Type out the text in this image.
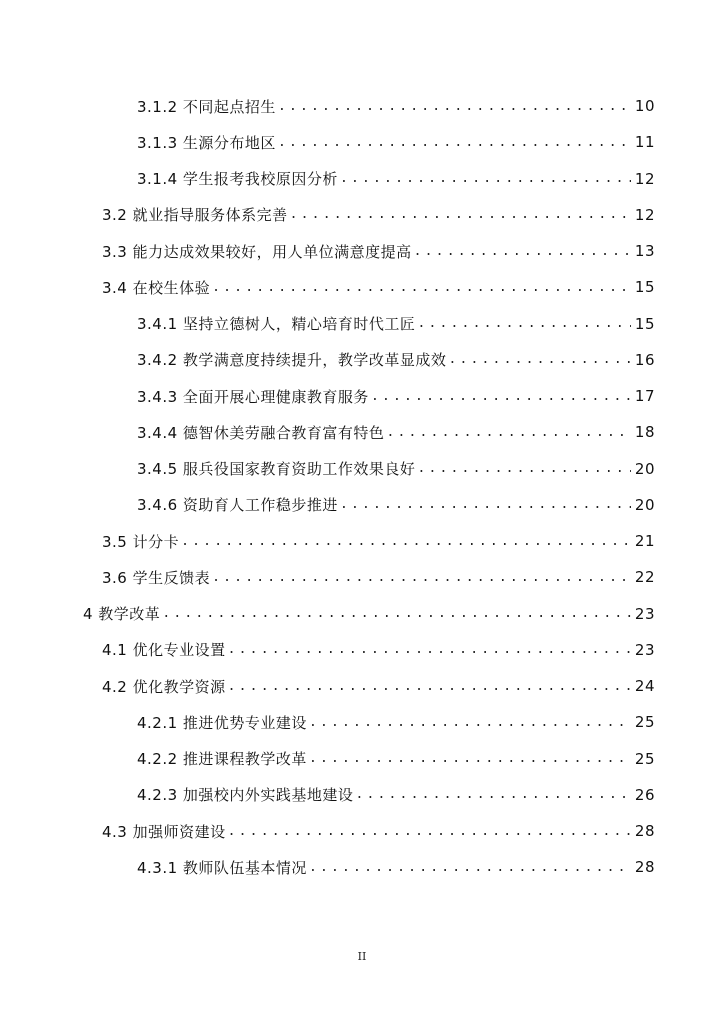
3.1.2 不同起点招生 .....	10
3.1.3 生源分布地区 .....	11
3.1.4 学生报考我校原因分析 .....	12
3.2 就业指导服务体系完善 .....	12
3.3 能力达成效果较好，用人单位满意度提高 .....	13
3.4 在校生体验 .....	15
3.4.1 坚持立德树人，精心培育时代工匠 .....	15
3.4.2 教学满意度持续提升，教学改革显成效 .....	16
3.4.3 全面开展心理健康教育服务 .....	17
3.4.4 德智休美劳融合教育富有特色 .....	18
3.4.5 服兵役国家教育资助工作效果良好 .....	20
3.4.6 资助育人工作稳步推进 .....	20
3.5 计分卡 .....	21
3.6 学生反馈表 .....	22
4 教学改革 .....	23
4.1 优化专业设置 .....	23
4.2 优化教学资源 .....	24
4.2.1 推进优势专业建设 .....	25
4.2.2 推进课程教学改革 .....	25
4.2.3 加强校内外实践基地建设 .....	26
4.3 加强师资建设 .....	28
4.3.1 教师队伍基本情况 .....	28
II
